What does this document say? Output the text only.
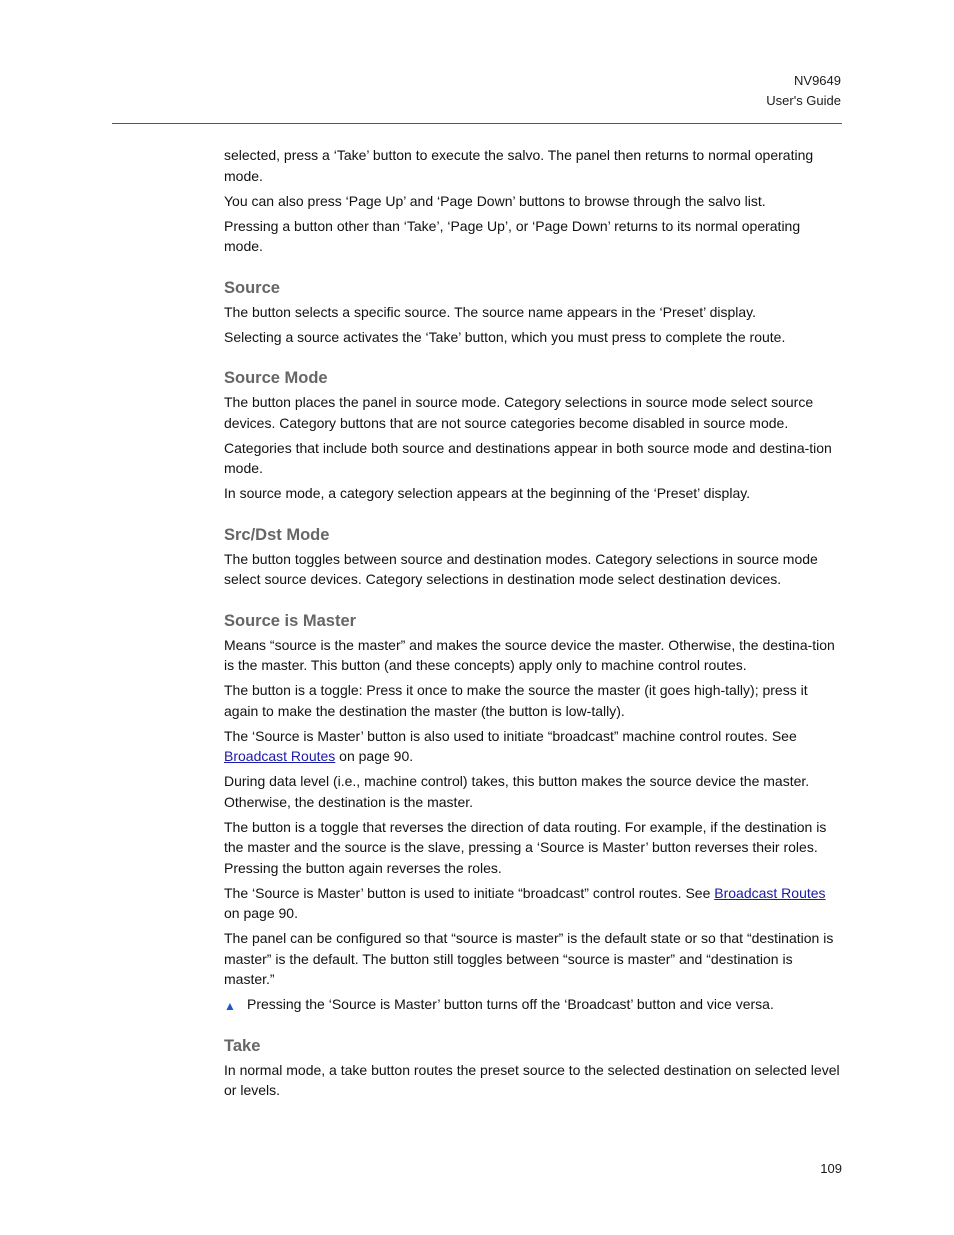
NV9649
User's Guide

selected, press a ‘Take’ button to execute the salvo. The panel then returns to normal operating mode.

You can also press ‘Page Up’ and ‘Page Down’ buttons to browse through the salvo list.

Pressing a button other than ‘Take’, ‘Page Up’, or ‘Page Down’ returns to its normal operating mode.

Source

The button selects a specific source. The source name appears in the ‘Preset’ display.

Selecting a source activates the ‘Take’ button, which you must press to complete the route.

Source Mode

The button places the panel in source mode. Category selections in source mode select source devices. Category buttons that are not source categories become disabled in source mode.

Categories that include both source and destinations appear in both source mode and destina-tion mode.

In source mode, a category selection appears at the beginning of the ‘Preset’ display.

Src/Dst Mode

The button toggles between source and destination modes. Category selections in source mode select source devices. Category selections in destination mode select destination devices.

Source is Master

Means “source is the master” and makes the source device the master. Otherwise, the destina-tion is the master. This button (and these concepts) apply only to machine control routes.

The button is a toggle: Press it once to make the source the master (it goes high-tally); press it again to make the destination the master (the button is low-tally).

The ‘Source is Master’ button is also used to initiate “broadcast” machine control routes. See Broadcast Routes on page 90.

During data level (i.e., machine control) takes, this button makes the source device the master. Otherwise, the destination is the master.

The button is a toggle that reverses the direction of data routing. For example, if the destination is the master and the source is the slave, pressing a ‘Source is Master’ button reverses their roles. Pressing the button again reverses the roles.

The ‘Source is Master’ button is used to initiate “broadcast” control routes. See Broadcast Routes on page 90.

The panel can be configured so that “source is master” is the default state or so that “destination is master” is the default. The button still toggles between “source is master” and “destination is master.”

▲ Pressing the ‘Source is Master’ button turns off the ‘Broadcast’ button and vice versa.

Take

In normal mode, a take button routes the preset source to the selected destination on selected level or levels.

109
